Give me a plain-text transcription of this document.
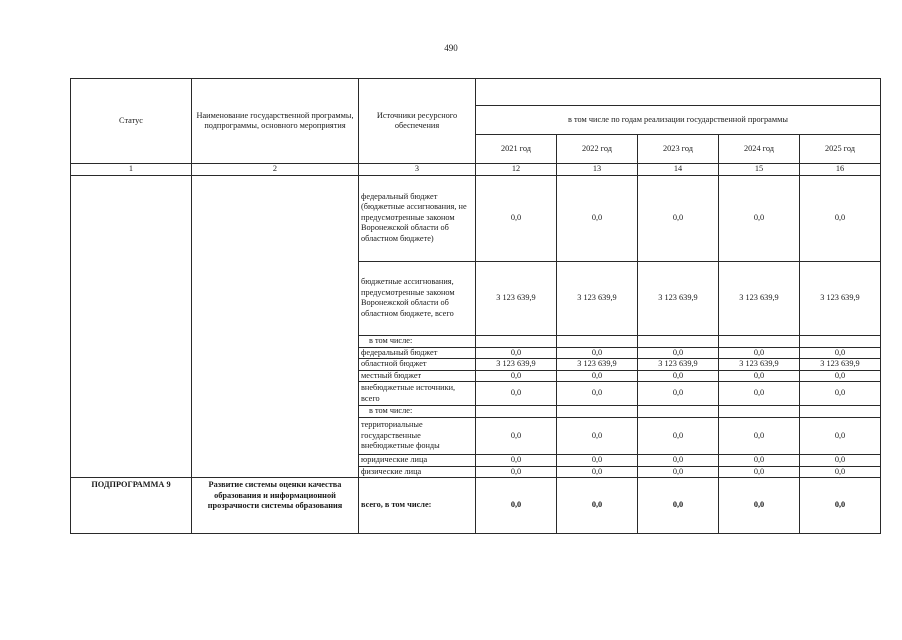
490
Статус	Наименование государственной программы, подпрограммы, основного мероприятия	Источники ресурсного обеспечения					
			в том числе по годам реализации государственной программы				
			2021 год	2022 год	2023 год	2024 год	2025 год
1	2	3	12	13	14	15	16
		федеральный бюджет (бюджетные ассигнования, не предусмотренные законом Воронежской области об областном бюджете)	0,0	0,0	0,0	0,0	0,0
		бюджетные ассигнования, предусмотренные законом Воронежской области об областном бюджете, всего	3 123 639,9	3 123 639,9	3 123 639,9	3 123 639,9	3 123 639,9
		в том числе:					
		федеральный бюджет	0,0	0,0	0,0	0,0	0,0
		областной бюджет	3 123 639,9	3 123 639,9	3 123 639,9	3 123 639,9	3 123 639,9
		местный бюджет	0,0	0,0	0,0	0,0	0,0
		внебюджетные источники, всего	0,0	0,0	0,0	0,0	0,0
		в том числе:					
		территориальные государственные внебюджетные фонды	0,0	0,0	0,0	0,0	0,0
		юридические лица	0,0	0,0	0,0	0,0	0,0
		физические лица	0,0	0,0	0,0	0,0	0,0
ПОДПРОГРАММА 9	Развитие системы оценки качества образования и информационной прозрачности системы образования	всего, в том числе:	0,0	0,0	0,0	0,0	0,0
